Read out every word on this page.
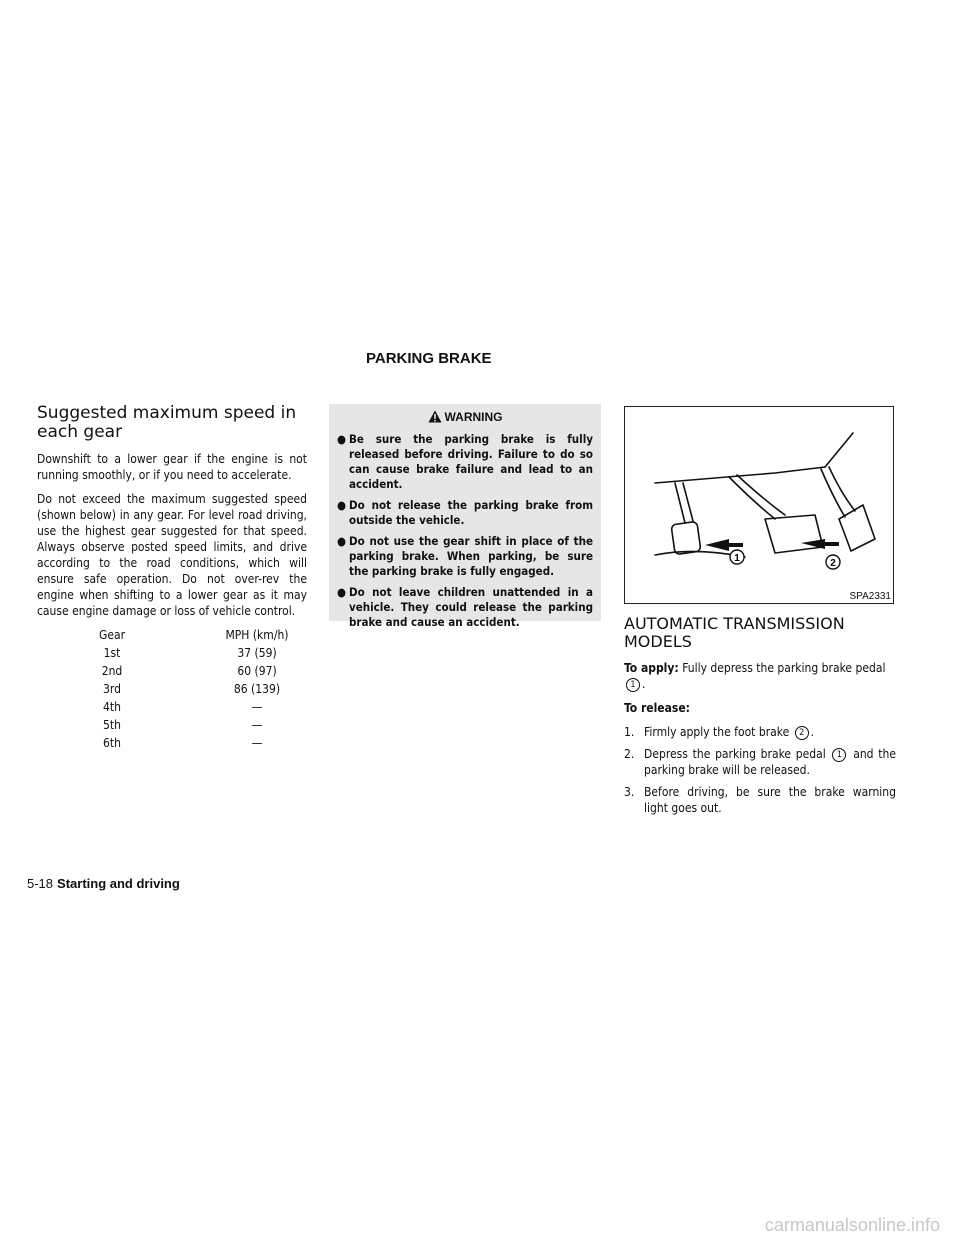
PARKING BRAKE
Suggested maximum speed in each gear

Downshift to a lower gear if the engine is not running smoothly, or if you need to accelerate.

Do not exceed the maximum suggested speed (shown below) in any gear. For level road driving, use the highest gear suggested for that speed. Always observe posted speed limits, and drive according to the road conditions, which will ensure safe operation. Do not over-rev the engine when shifting to a lower gear as it may cause engine damage or loss of vehicle control.

Gear	MPH (km/h)
1st	37 (59)
2nd	60 (97)
3rd	86 (139)
4th	—
5th	—
6th	—
WARNING
● Be sure the parking brake is fully released before driving. Failure to do so can cause brake failure and lead to an accident.
● Do not release the parking brake from outside the vehicle.
● Do not use the gear shift in place of the parking brake. When parking, be sure the parking brake is fully engaged.
● Do not leave children unattended in a vehicle. They could release the parking brake and cause an accident.
1	2
SPA2331
AUTOMATIC TRANSMISSION MODELS

To apply: Fully depress the parking brake pedal
1 .

To release:

1. Firmly apply the foot brake 2 .
2. Depress the parking brake pedal 1 and the parking brake will be released.
3. Before driving, be sure the brake warning light goes out.
5-18 Starting and driving
carmanualsonline.info
